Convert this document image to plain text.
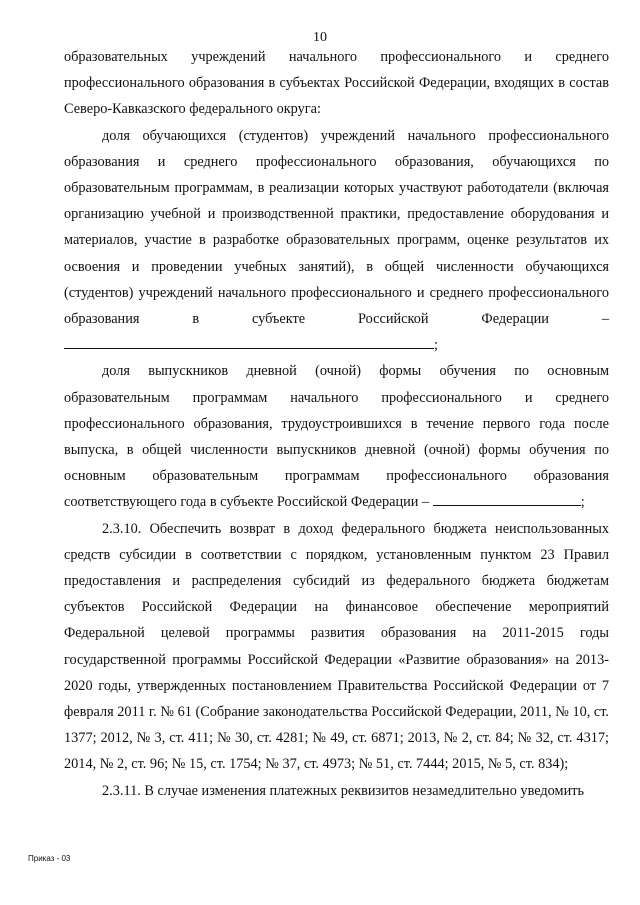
10

образовательных учреждений начального профессионального и среднего профессионального образования в субъектах Российской Федерации, входящих в состав Северо-Кавказского федерального округа:

доля обучающихся (студентов) учреждений начального профессионального образования и среднего профессионального образования, обучающихся по образовательным программам, в реализации которых участвуют работодатели (включая организацию учебной и производственной практики, предоставление оборудования и материалов, участие в разработке образовательных программ, оценке результатов их освоения и проведении учебных занятий), в общей численности обучающихся (студентов) учреждений начального профессионального и среднего профессионального образования в субъекте Российской Федерации – ;

доля выпускников дневной (очной) формы обучения по основным образовательным программам начального профессионального и среднего профессионального образования, трудоустроившихся в течение первого года после выпуска, в общей численности выпускников дневной (очной) формы обучения по основным образовательным программам профессионального образования соответствующего года в субъекте Российской Федерации –	;

2.3.10. Обеспечить возврат в доход федерального бюджета неиспользованных средств субсидии в соответствии с порядком, установленным пунктом 23 Правил предоставления и распределения субсидий из федерального бюджета бюджетам субъектов Российской Федерации на финансовое обеспечение мероприятий Федеральной целевой программы развития образования на 2011-2015 годы государственной программы Российской Федерации «Развитие образования» на 2013-2020 годы, утвержденных постановлением Правительства Российской Федерации от 7 февраля 2011 г. № 61 (Собрание законодательства Российской Федерации, 2011, № 10, ст. 1377; 2012, № 3, ст. 411; № 30, ст. 4281; № 49, ст. 6871; 2013, № 2, ст. 84; № 32, ст. 4317; 2014, № 2, ст. 96; № 15, ст. 1754; № 37, ст. 4973; № 51, ст. 7444; 2015, № 5, ст. 834);

2.3.11. В случае изменения платежных реквизитов незамедлительно уведомить

Приказ - 03
